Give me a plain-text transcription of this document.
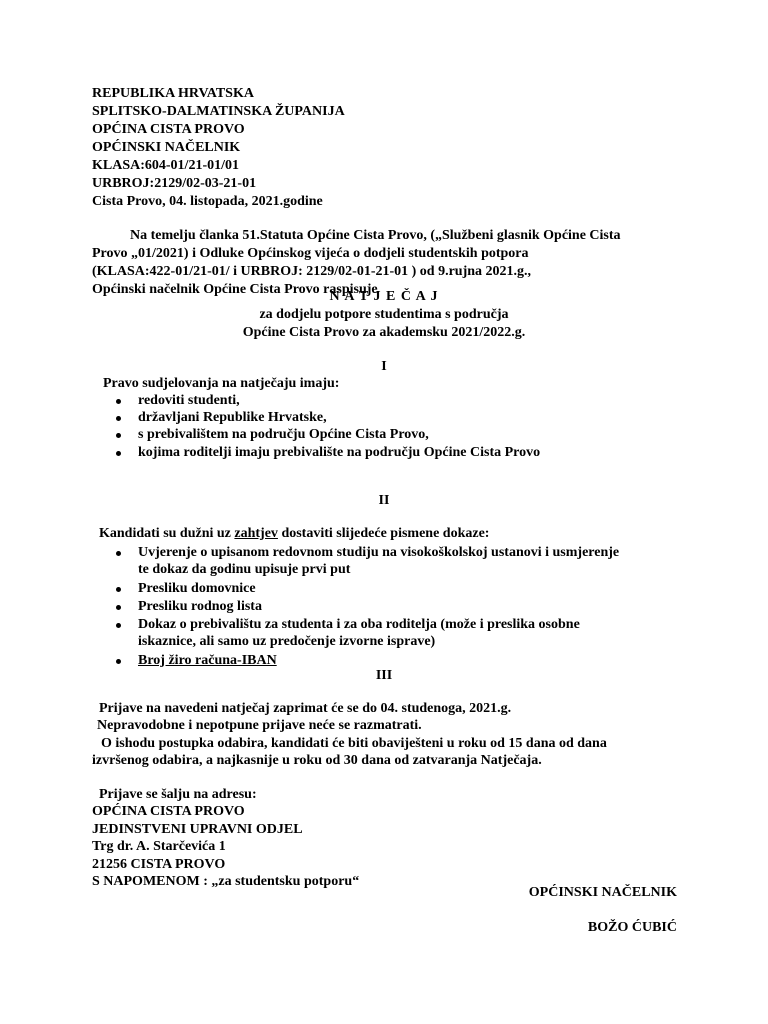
REPUBLIKA HRVATSKA
SPLITSKO-DALMATINSKA ŽUPANIJA
OPĆINA CISTA PROVO
OPĆINSKI NAČELNIK
KLASA:604-01/21-01/01
URBROJ:2129/02-03-21-01
Cista Provo, 04. listopada, 2021.godine
Na temelju članka 51.Statuta Općine Cista Provo, („Službeni glasnik Općine Cista
Provo „01/2021) i Odluke Općinskog vijeća o dodjeli studentskih potpora
(KLASA:422-01/21-01/ i URBROJ: 2129/02-01-21-01 ) od 9.rujna 2021.g.,
Općinski načelnik Općine Cista Provo raspisuje
N A T J E Č A J
za dodjelu potpore studentima s područja
Općine Cista Provo za akademsku 2021/2022.g.
I
Pravo sudjelovanja na natječaju imaju:
redoviti studenti,
državljani Republike Hrvatske,
s prebivalištem na području Općine Cista Provo,
kojima roditelji imaju prebivalište na području Općine Cista Provo
II
Kandidati su dužni uz zahtjev dostaviti slijedeće pismene dokaze:
Uvjerenje o upisanom redovnom studiju na visokoškolskoj ustanovi i usmjerenje
te dokaz da godinu upisuje prvi put
Presliku domovnice
Presliku rodnog lista
Dokaz o prebivalištu za studenta i za oba roditelja (može i preslika osobne
iskaznice, ali samo uz predočenje izvorne isprave)
Broj žiro računa-IBAN
III
Prijave na navedeni natječaj zaprimat će se do 04. studenoga, 2021.g.
Nepravodobne i nepotpune prijave neće se razmatrati.
O ishodu postupka odabira, kandidati će biti obaviješteni u roku od 15 dana od dana
izvršenog odabira, a najkasnije u roku od 30 dana od zatvaranja Natječaja.
Prijave se šalju na adresu:
OPĆINA CISTA PROVO
JEDINSTVENI UPRAVNI ODJEL
Trg dr. A. Starčevića 1
21256 CISTA PROVO
S NAPOMENOM : „za studentsku potporu“
OPĆINSKI NAČELNIK
BOŽO ĆUBIĆ
